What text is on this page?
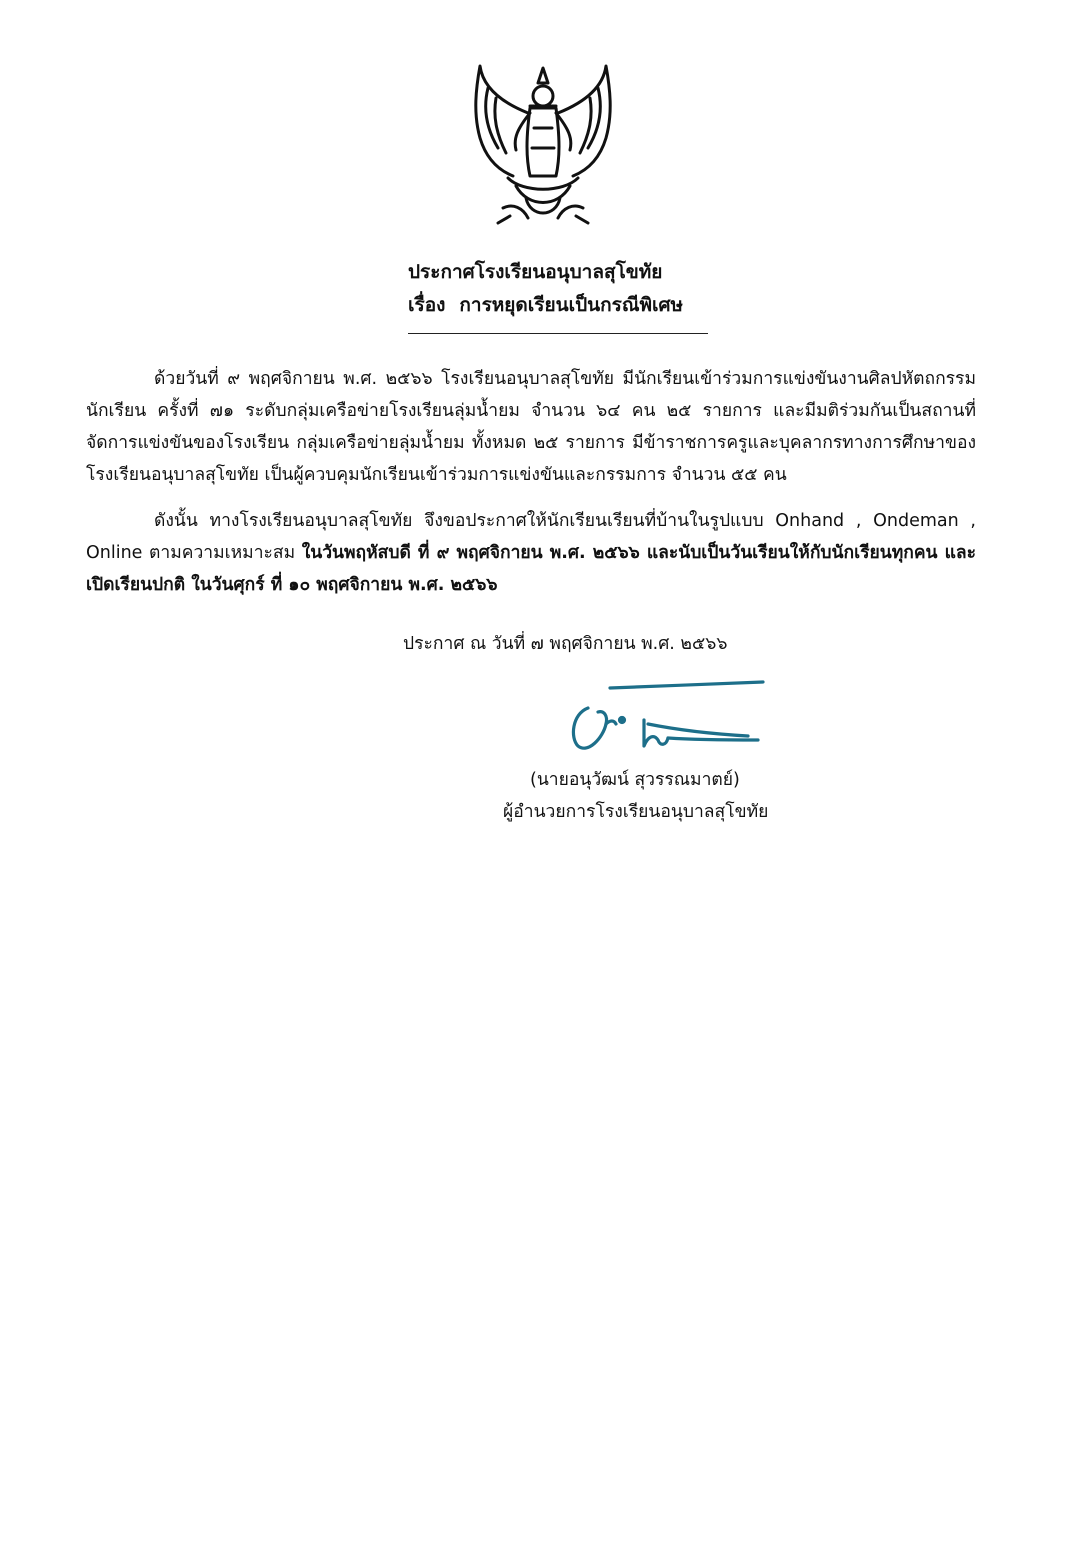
ประกาศโรงเรียนอนุบาลสุโขทัย
เรื่อง การหยุดเรียนเป็นกรณีพิเศษ

ด้วยวันที่ ๙ พฤศจิกายน พ.ศ. ๒๕๖๖ โรงเรียนอนุบาลสุโขทัย มีนักเรียนเข้าร่วมการแข่งขันงานศิลปหัตถกรรมนักเรียน ครั้งที่ ๗๑ ระดับกลุ่มเครือข่ายโรงเรียนลุ่มน้ำยม จำนวน ๖๔ คน ๒๕ รายการ และมีมติร่วมกันเป็นสถานที่จัดการแข่งขันของโรงเรียน กลุ่มเครือข่ายลุ่มน้ำยม ทั้งหมด ๒๕ รายการ มีข้าราชการครูและบุคลากรทางการศึกษาของโรงเรียนอนุบาลสุโขทัย เป็นผู้ควบคุมนักเรียนเข้าร่วมการแข่งขันและกรรมการ จำนวน ๕๕ คน

ดังนั้น ทางโรงเรียนอนุบาลสุโขทัย จึงขอประกาศให้นักเรียนเรียนที่บ้านในรูปแบบ Onhand , Ondeman , Online ตามความเหมาะสม ในวันพฤหัสบดี ที่ ๙ พฤศจิกายน พ.ศ. ๒๕๖๖ และนับเป็นวันเรียนให้กับนักเรียนทุกคน และเปิดเรียนปกติ ในวันศุกร์ ที่ ๑๐ พฤศจิกายน พ.ศ. ๒๕๖๖

ประกาศ ณ วันที่ ๗ พฤศจิกายน พ.ศ. ๒๕๖๖
(นายอนุวัฒน์ สุวรรณมาตย์)
ผู้อำนวยการโรงเรียนอนุบาลสุโขทัย
